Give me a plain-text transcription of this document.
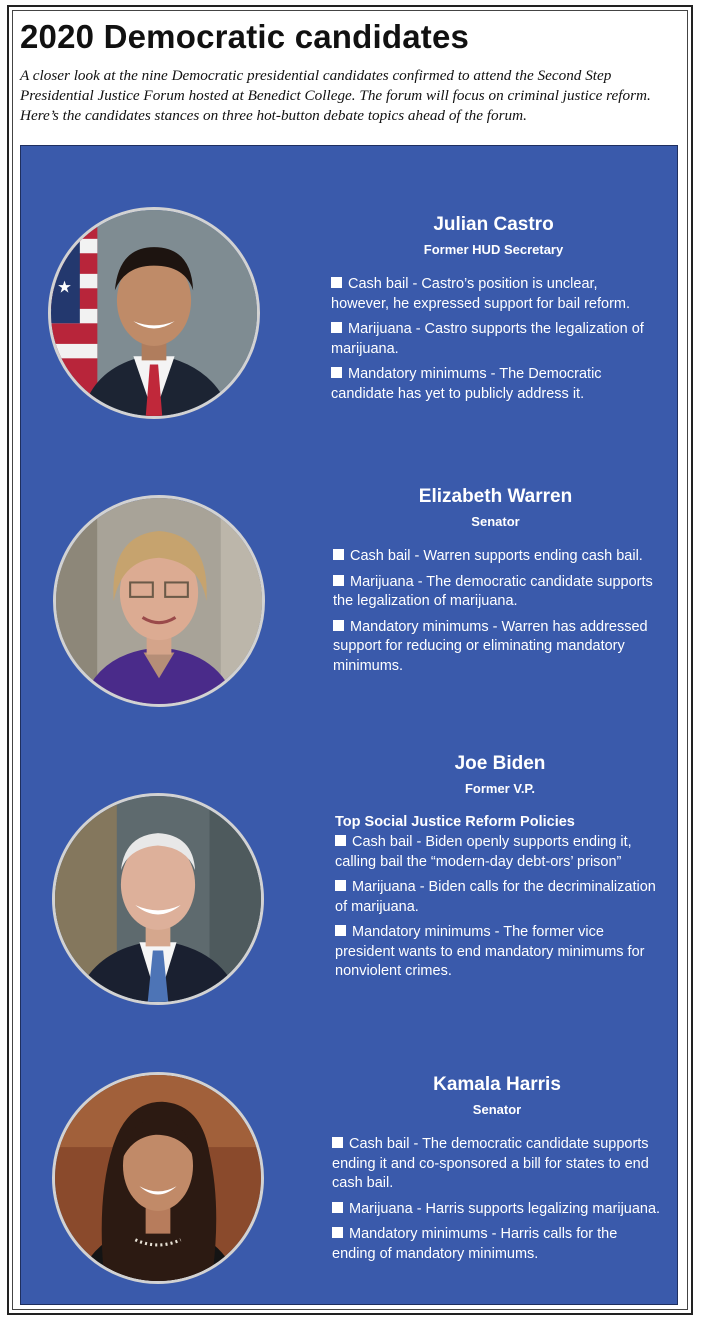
2020 Democratic candidates

A closer look at the nine Democratic presidential candidates confirmed to attend the Second Step Presidential Justice Forum hosted at Benedict College. The forum will focus on criminal justice reform. Here’s the candidates stances on three hot-button debate topics ahead of the forum.

★
★

Julian Castro

Former HUD Secretary

Cash bail - Castro’s position is unclear, however, he expressed support for bail reform.

Marijuana - Castro supports the legalization of marijuana.

Mandatory minimums - The Democratic candidate has yet to publicly address it.

Elizabeth Warren

Senator

Cash bail - Warren supports ending cash bail.

Marijuana - The democratic candidate supports the legalization of marijuana.

Mandatory minimums - Warren has addressed support for reducing or eliminating mandatory minimums.

Joe Biden

Former V.P.

Top Social Justice Reform Policies

Cash bail - Biden openly supports ending it, calling bail the “modern-day debt-ors’ prison”

Marijuana - Biden calls for the decriminalization of marijuana.

Mandatory minimums - The former vice president wants to end mandatory minimums for nonviolent crimes.

Kamala Harris

Senator

Cash bail - The democratic candidate supports ending it and co-sponsored a bill for states to end cash bail.

Marijuana - Harris supports legalizing marijuana.

Mandatory minimums - Harris calls for the ending of mandatory minimums.
